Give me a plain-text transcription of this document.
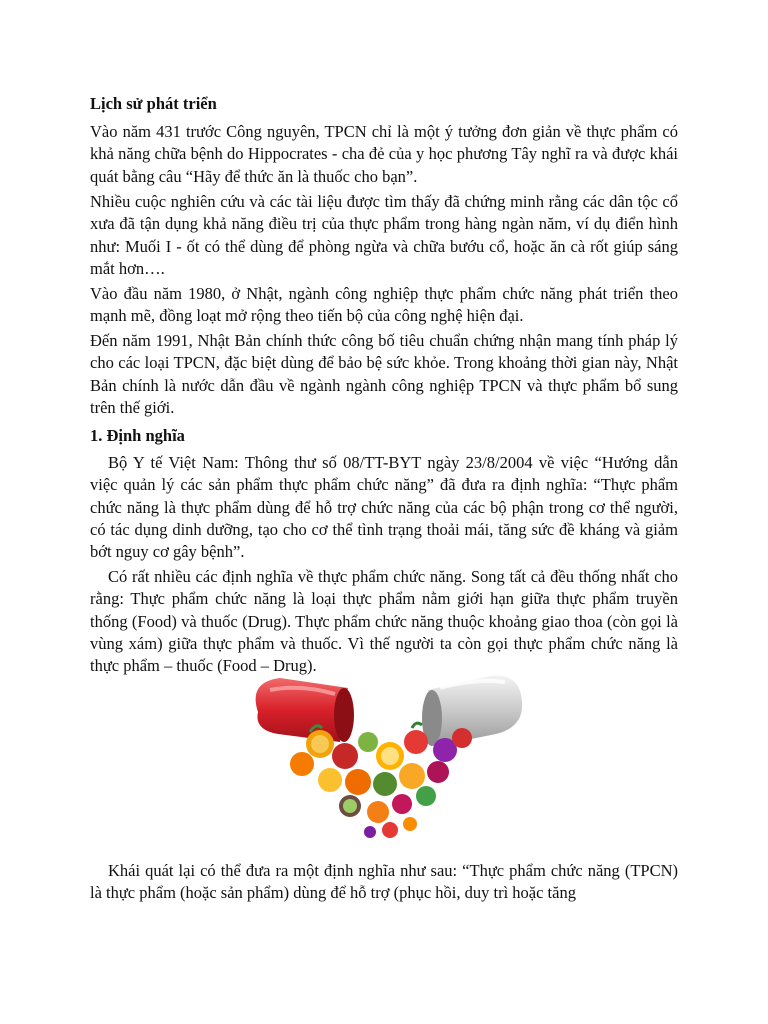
Lịch sử phát triển

Vào năm 431 trước Công nguyên, TPCN chỉ là một ý tưởng đơn giản về thực phẩm có khả năng chữa bệnh do Hippocrates - cha đẻ của y học phương Tây nghĩ ra và được khái quát bằng câu “Hãy để thức ăn là thuốc cho bạn”.

Nhiều cuộc nghiên cứu và các tài liệu được tìm thấy đã chứng minh rằng các dân tộc cổ xưa đã tận dụng khả năng điều trị của thực phẩm trong hàng ngàn năm, ví dụ điển hình như: Muối I - ốt có thể dùng để phòng ngừa và chữa bướu cổ, hoặc ăn cà rốt giúp sáng mắt hơn….

Vào đầu năm 1980, ở Nhật, ngành công nghiệp thực phẩm chức năng phát triển theo mạnh mẽ, đồng loạt mở rộng theo tiến bộ của công nghệ hiện đại.

Đến năm 1991, Nhật Bản chính thức công bố tiêu chuẩn chứng nhận mang tính pháp lý cho các loại TPCN, đặc biệt dùng để bảo bệ sức khỏe. Trong khoảng thời gian này, Nhật Bản chính là nước dẫn đầu về ngành ngành công nghiệp TPCN và thực phẩm bổ sung trên thế giới.

1. Định nghĩa

Bộ Y tế Việt Nam: Thông thư số 08/TT-BYT ngày 23/8/2004 về việc “Hướng dẫn việc quản lý các sản phẩm thực phẩm chức năng” đã đưa ra định nghĩa: “Thực phẩm chức năng là thực phẩm dùng để hỗ trợ chức năng của các bộ phận trong cơ thể người, có tác dụng dinh dưỡng, tạo cho cơ thể tình trạng thoải mái, tăng sức đề kháng và giảm bớt nguy cơ gây bệnh”.

Có rất nhiều các định nghĩa về thực phẩm chức năng. Song tất cả đều thống nhất cho rằng: Thực phẩm chức năng là loại thực phẩm nằm giới hạn giữa thực phẩm truyền thống (Food) và thuốc (Drug). Thực phẩm chức năng thuộc khoảng giao thoa (còn gọi là vùng xám) giữa thực phẩm và thuốc. Vì thế người ta còn gọi thực phẩm chức năng là thực phẩm – thuốc (Food – Drug).

Khái quát lại có thể đưa ra một định nghĩa như sau: “Thực phẩm chức năng (TPCN) là thực phẩm (hoặc sản phẩm) dùng để hỗ trợ (phục hồi, duy trì hoặc tăng
